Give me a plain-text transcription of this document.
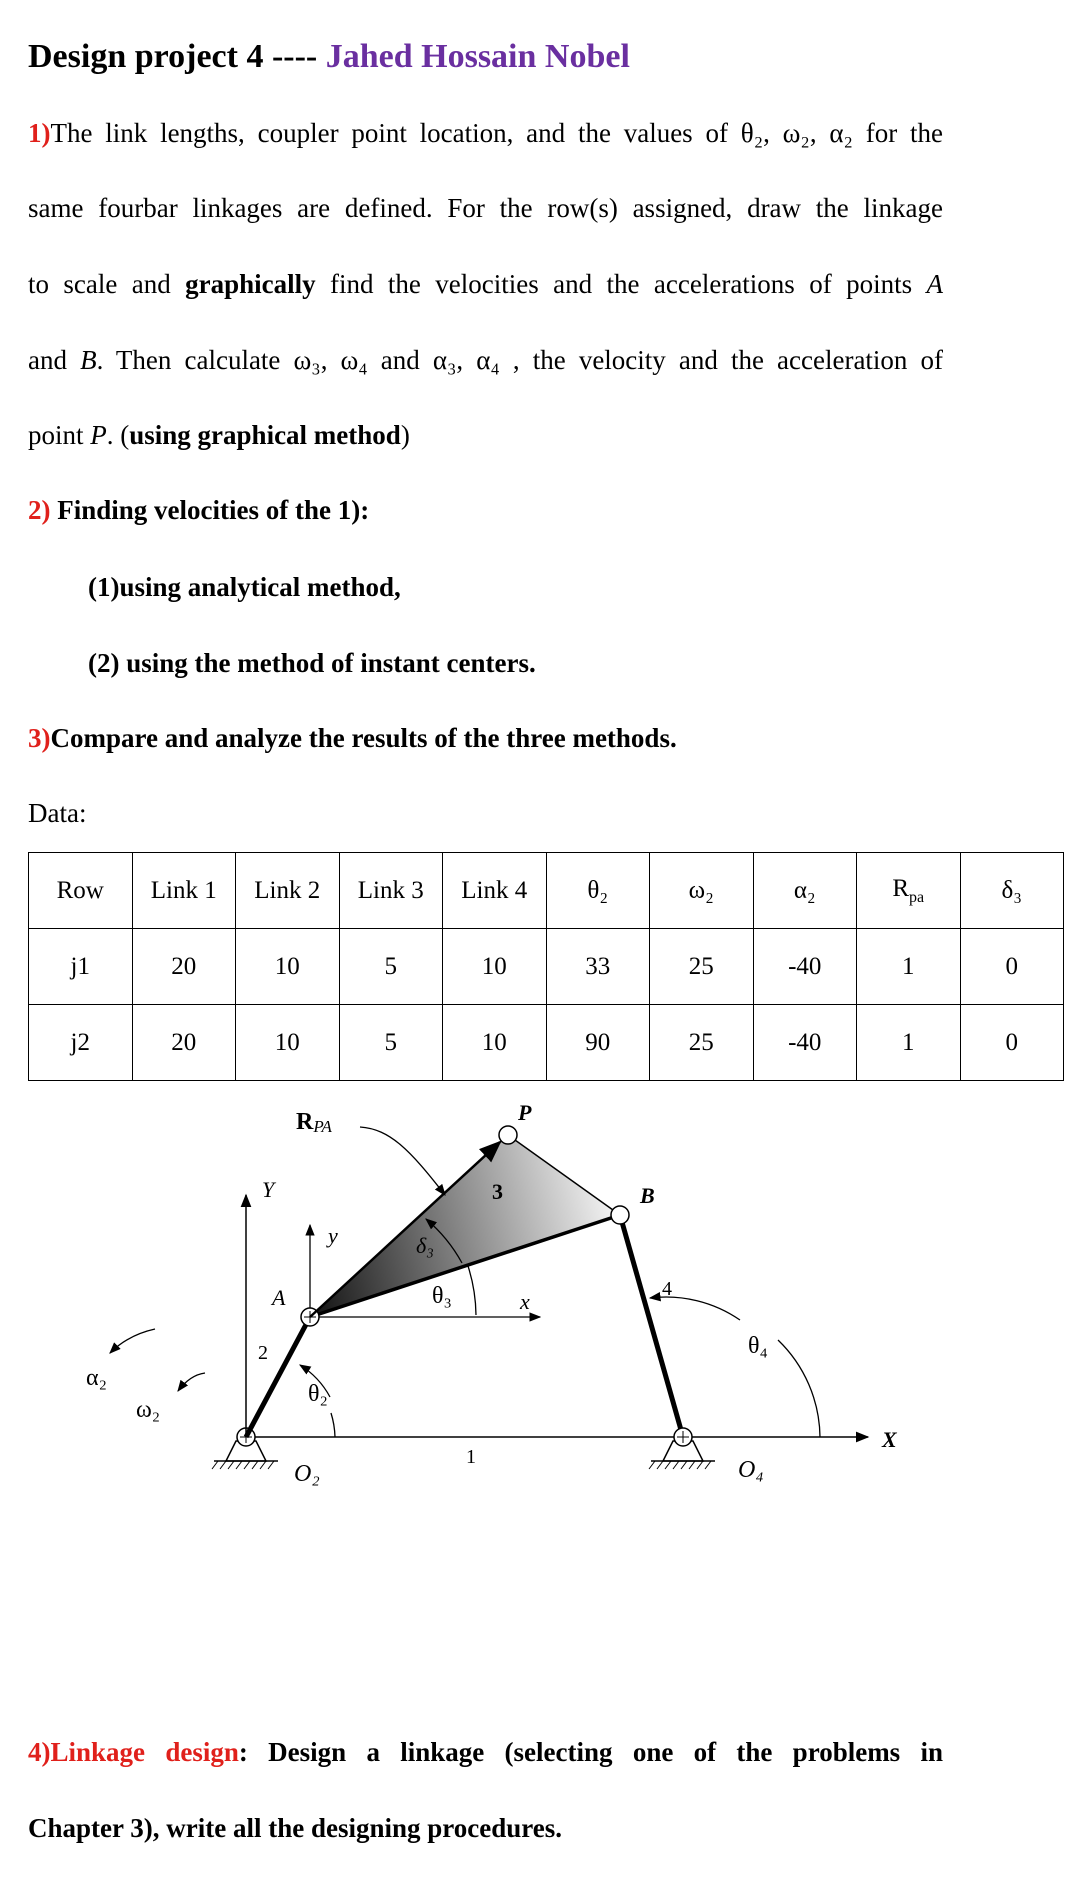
Design project 4 ---- Jahed Hossain Nobel
1)The link lengths, coupler point location, and the values of θ₂, ω₂, α₂ for the
same fourbar linkages are defined. For the row(s) assigned, draw the linkage
to scale and graphically find the velocities and the accelerations of points A
and B. Then calculate ω₃, ω₄ and α₃, α₄ , the velocity and the acceleration of
point P. (using graphical method)
2) Finding velocities of the 1):
(1)using analytical method,
(2) using the method of instant centers.
3)Compare and analyze the results of the three methods.
Data:
Row	Link 1	Link 2	Link 3	Link 4	θ₂	ω₂	α₂	$R_{pa}$	δ₃
j1	20	10	5	10	33	25	-40	1	0
j2	20	10	5	10	90	25	-40	1	0
RPA
P
B
A
Y
y
x
X
3
4
2
1
δ₃
θ₃
θ₄
θ₂
α₂
ω₂
O₂	O₄
4)Linkage design: Design a linkage (selecting one of the problems in
Chapter 3), write all the designing procedures.
